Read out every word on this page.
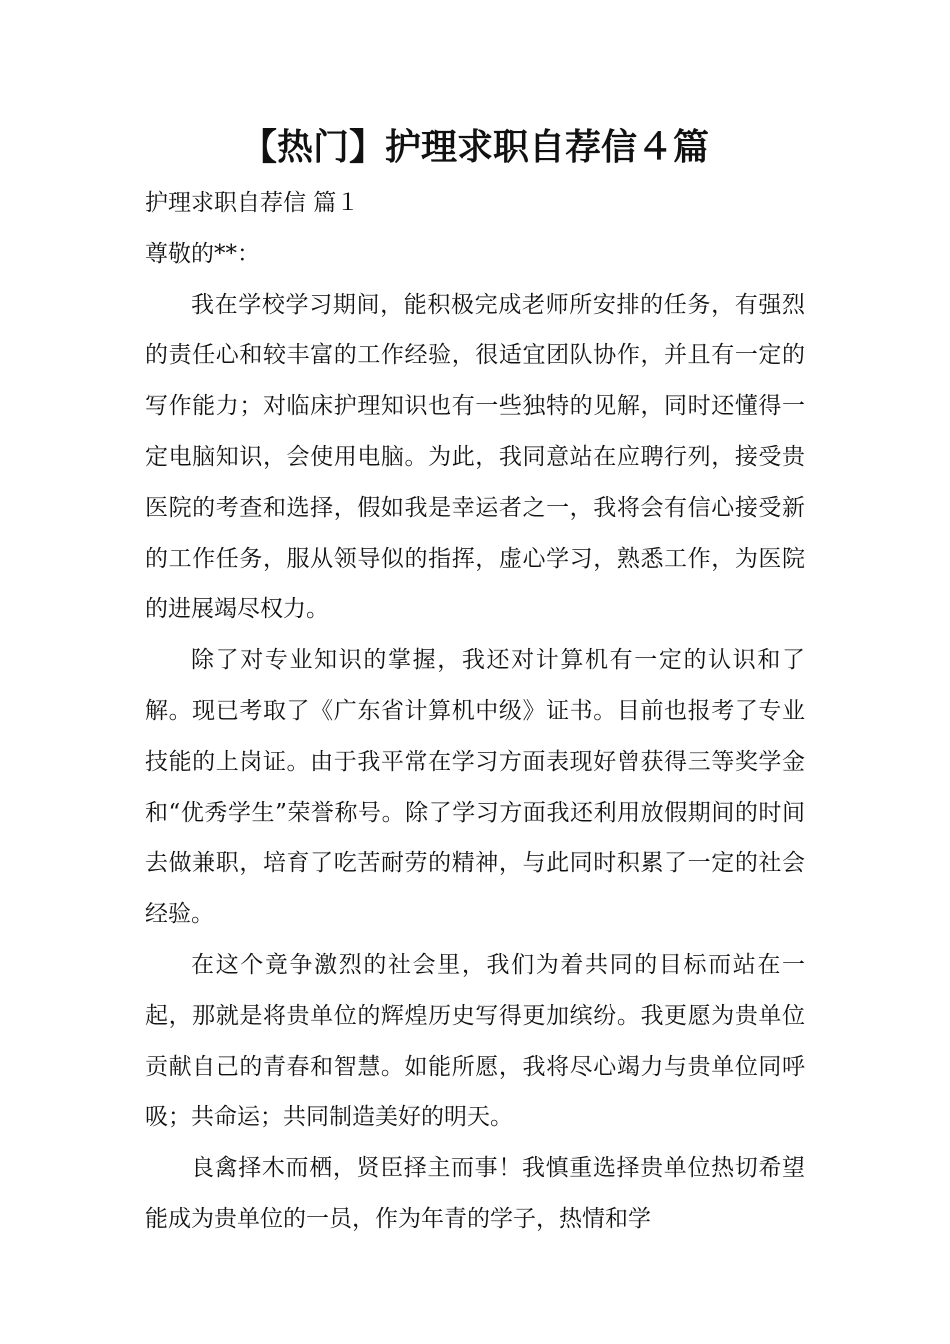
【热门】护理求职自荐信４篇

护理求职自荐信 篇１

尊敬的**：

我在学校学习期间，能积极完成老师所安排的任务，有强烈的责任心和较丰富的工作经验，很适宜团队协作，并且有一定的写作能力；对临床护理知识也有一些独特的见解，同时还懂得一定电脑知识，会使用电脑。为此，我同意站在应聘行列，接受贵医院的考查和选择，假如我是幸运者之一，我将会有信心接受新的工作任务，服从领导似的指挥，虚心学习，熟悉工作，为医院的进展竭尽权力。

除了对专业知识的掌握，我还对计算机有一定的认识和了解。现已考取了《广东省计算机中级》证书。目前也报考了专业技能的上岗证。由于我平常在学习方面表现好曾获得三等奖学金和“优秀学生”荣誉称号。除了学习方面我还利用放假期间的时间去做兼职，培育了吃苦耐劳的精神，与此同时积累了一定的社会经验。

在这个竟争激烈的社会里，我们为着共同的目标而站在一起，那就是将贵单位的辉煌历史写得更加缤纷。我更愿为贵单位贡献自己的青春和智慧。如能所愿，我将尽心竭力与贵单位同呼吸；共命运；共同制造美好的明天。

良禽择木而栖，贤臣择主而事！我慎重选择贵单位热切希望能成为贵单位的一员，作为年青的学子，热情和学
